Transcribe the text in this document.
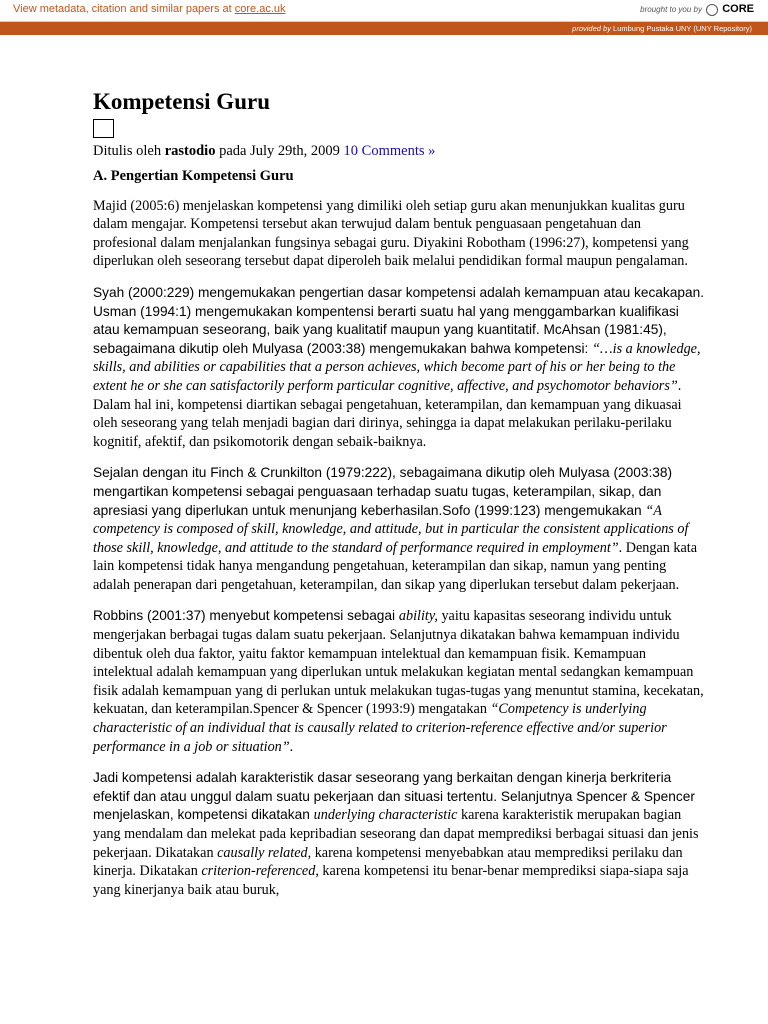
View metadata, citation and similar papers at core.ac.uk	brought to you by CORE
provided by Lumbung Pustaka UNY (UNY Repository)
Kompetensi Guru
Ditulis oleh rastodio pada July 29th, 2009 10 Comments »
A. Pengertian Kompetensi Guru

Majid (2005:6) menjelaskan kompetensi yang dimiliki oleh setiap guru akan menunjukkan kualitas guru dalam mengajar. Kompetensi tersebut akan terwujud dalam bentuk penguasaan pengetahuan dan profesional dalam menjalankan fungsinya sebagai guru. Diyakini Robotham (1996:27), kompetensi yang diperlukan oleh seseorang tersebut dapat diperoleh baik melalui pendidikan formal maupun pengalaman.

Syah (2000:229) mengemukakan pengertian dasar kompetensi adalah kemampuan atau kecakapan. Usman (1994:1) mengemukakan kompentensi berarti suatu hal yang menggambarkan kualifikasi atau kemampuan seseorang, baik yang kualitatif maupun yang kuantitatif. McAhsan (1981:45), sebagaimana dikutip oleh Mulyasa (2003:38) mengemukakan bahwa kompetensi: “…is a knowledge, skills, and abilities or capabilities that a person achieves, which become part of his or her being to the extent he or she can satisfactorily perform particular cognitive, affective, and psychomotor behaviors”. Dalam hal ini, kompetensi diartikan sebagai pengetahuan, keterampilan, dan kemampuan yang dikuasai oleh seseorang yang telah menjadi bagian dari dirinya, sehingga ia dapat melakukan perilaku-perilaku kognitif, afektif, dan psikomotorik dengan sebaik-baiknya.

Sejalan dengan itu Finch & Crunkilton (1979:222), sebagaimana dikutip oleh Mulyasa (2003:38) mengartikan kompetensi sebagai penguasaan terhadap suatu tugas, keterampilan, sikap, dan apresiasi yang diperlukan untuk menunjang keberhasilan.Sofo (1999:123) mengemukakan “A competency is composed of skill, knowledge, and attitude, but in particular the consistent applications of those skill, knowledge, and attitude to the standard of performance required in employment”. Dengan kata lain kompetensi tidak hanya mengandung pengetahuan, keterampilan dan sikap, namun yang penting adalah penerapan dari pengetahuan, keterampilan, dan sikap yang diperlukan tersebut dalam pekerjaan.

Robbins (2001:37) menyebut kompetensi sebagai ability, yaitu kapasitas seseorang individu untuk mengerjakan berbagai tugas dalam suatu pekerjaan. Selanjutnya dikatakan bahwa kemampuan individu dibentuk oleh dua faktor, yaitu faktor kemampuan intelektual dan kemampuan fisik. Kemampuan intelektual adalah kemampuan yang diperlukan untuk melakukan kegiatan mental sedangkan kemampuan fisik adalah kemampuan yang di perlukan untuk melakukan tugas-tugas yang menuntut stamina, kecekatan, kekuatan, dan keterampilan.Spencer & Spencer (1993:9) mengatakan “Competency is underlying characteristic of an individual that is causally related to criterion-reference effective and/or superior performance in a job or situation”.

Jadi kompetensi adalah karakteristik dasar seseorang yang berkaitan dengan kinerja berkriteria efektif dan atau unggul dalam suatu pekerjaan dan situasi tertentu. Selanjutnya Spencer & Spencer menjelaskan, kompetensi dikatakan underlying characteristic karena karakteristik merupakan bagian yang mendalam dan melekat pada kepribadian seseorang dan dapat memprediksi berbagai situasi dan jenis pekerjaan. Dikatakan causally related, karena kompetensi menyebabkan atau memprediksi perilaku dan kinerja. Dikatakan criterion-referenced, karena kompetensi itu benar-benar memprediksi siapa-siapa saja yang kinerjanya baik atau buruk,
